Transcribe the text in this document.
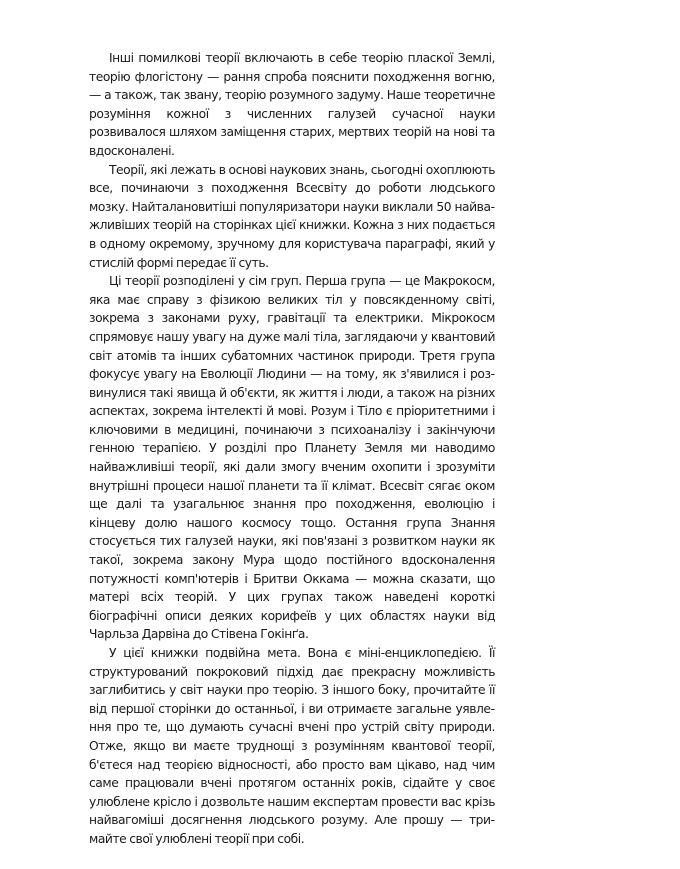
Інші помилкові теорії включають в себе теорію пласкої Землі, теорію флогістону — рання спроба пояснити походження вогню, — а також, так звану, теорію розумного задуму. Наше теоретичне розуміння кожної з численних галузей сучасної науки розвивалося шляхом заміщення старих, мертвих теорій на нові та вдосконалені.

Теорії, які лежать в основі наукових знань, сьогодні охоплюють все, починаючи з походження Всесвіту до роботи людського мозку. Найталановитіші популяризатори науки виклали 50 найважливіших теорій на сторінках цієї книжки. Кожна з них подається в одному окремому, зручному для користувача параграфі, який у стислій формі передає її суть.

Ці теорії розподілені у сім груп. Перша група — це Макрокосм, яка має справу з фізикою великих тіл у повсякденному світі, зокрема з законами руху, гравітації та електрики. Мікрокосм спрямовує нашу увагу на дуже малі тіла, заглядаючи у квантовий світ атомів та інших субатомних частинок природи. Третя група фокусує увагу на Еволюції Людини — на тому, як з'явилися і розвинулися такі явища й об'єкти, як життя і люди, а також на різних аспектах, зокрема інтелекті й мові. Розум і Тіло є пріоритетними і ключовими в медицині, починаючи з психоаналізу і закінчуючи генною терапією. У розділі про Планету Земля ми наводимо найважливіші теорії, які дали змогу вченим охопити і зрозуміти внутрішні процеси нашої планети та її клімат. Всесвіт сягає оком ще далі та узагальнює знання про походження, еволюцію і кінцеву долю нашого космосу тощо. Остання група Знання стосується тих галузей науки, які пов'язані з розвитком науки як такої, зокрема закону Мура щодо постійного вдосконалення потужності комп'ютерів і Бритви Оккама — можна сказати, що матері всіх теорій. У цих групах також наведені короткі біографічні описи деяких корифеїв у цих областях науки від Чарльза Дарвіна до Стівена Гокінґа.

У цієї книжки подвійна мета. Вона є міні-енциклопедією. Її структурований покроковий підхід дає прекрасну можливість заглибитись у світ науки про теорію. З іншого боку, прочитайте її від першої сторінки до останньої, і ви отримаєте загальне уявлення про те, що думають сучасні вчені про устрій світу природи. Отже, якщо ви маєте труднощі з розумінням квантової теорії, б'єтеся над теорією відносності, або просто вам цікаво, над чим саме працювали вчені протягом останніх років, сідайте у своє улюблене крісло і дозвольте нашим експертам провести вас крізь найвагоміші досягнення людського розуму. Але прошу — тримайте свої улюблені теорії при собі.
